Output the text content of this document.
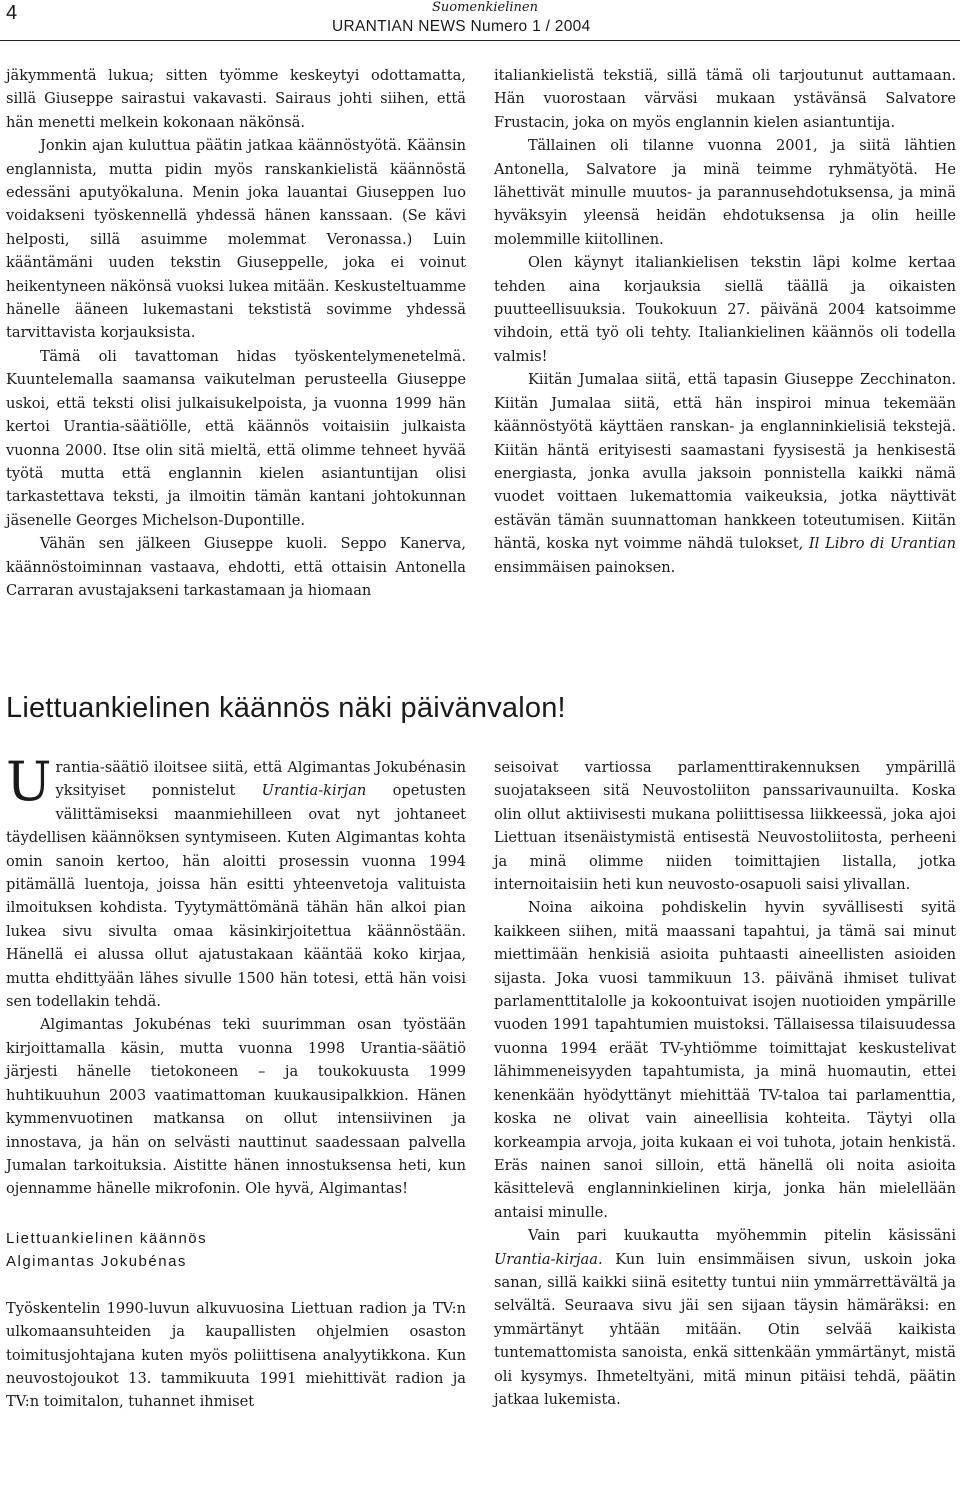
4	Suomenkielinen
URANTIAN NEWS Numero 1 / 2004

jäkymmentä lukua; sitten työmme keskeytyi odottamatta, sillä Giuseppe sairastui vakavasti. Sairaus johti siihen, että hän menetti melkein kokonaan näkönsä.

Jonkin ajan kuluttua päätin jatkaa käännöstyötä. Käänsin englannista, mutta pidin myös ranskankielistä käännöstä edessäni aputyökaluna. Menin joka lauantai Giuseppen luo voidakseni työskennellä yhdessä hänen kanssaan. (Se kävi helposti, sillä asuimme molemmat Veronassa.) Luin kääntämäni uuden tekstin Giuseppelle, joka ei voinut heikentyneen näkönsä vuoksi lukea mitään. Keskusteltuamme hänelle ääneen lukemastani tekstistä sovimme yhdessä tarvittavista korjauksista.

Tämä oli tavattoman hidas työskentelymenetelmä. Kuuntelemalla saamansa vaikutelman perusteella Giuseppe uskoi, että teksti olisi julkaisukelpoista, ja vuonna 1999 hän kertoi Urantia-säätiölle, että käännös voitaisiin julkaista vuonna 2000. Itse olin sitä mieltä, että olimme tehneet hyvää työtä mutta että englannin kielen asiantuntijan olisi tarkastettava teksti, ja ilmoitin tämän kantani johtokunnan jäsenelle Georges Michelson-Dupontille.

Vähän sen jälkeen Giuseppe kuoli. Seppo Kanerva, käännöstoiminnan vastaava, ehdotti, että ottaisin Antonella Carraran avustajakseni tarkastamaan ja hiomaan

italiankielistä tekstiä, sillä tämä oli tarjoutunut auttamaan. Hän vuorostaan värväsi mukaan ystävänsä Salvatore Frustacin, joka on myös englannin kielen asiantuntija.

Tällainen oli tilanne vuonna 2001, ja siitä lähtien Antonella, Salvatore ja minä teimme ryhmätyötä. He lähettivät minulle muutos- ja parannusehdotuksensa, ja minä hyväksyin yleensä heidän ehdotuksensa ja olin heille molemmille kiitollinen.

Olen käynyt italiankielisen tekstin läpi kolme kertaa tehden aina korjauksia siellä täällä ja oikaisten puutteellisuuksia. Toukokuun 27. päivänä 2004 katsoimme vihdoin, että työ oli tehty. Italiankielinen käännös oli todella valmis!

Kiitän Jumalaa siitä, että tapasin Giuseppe Zecchinaton. Kiitän Jumalaa siitä, että hän inspiroi minua tekemään käännöstyötä käyttäen ranskan- ja englanninkielisiä tekstejä. Kiitän häntä erityisesti saamastani fyysisestä ja henkisestä energiasta, jonka avulla jaksoin ponnistella kaikki nämä vuodet voittaen lukemattomia vaikeuksia, jotka näyttivät estävän tämän suunnattoman hankkeen toteutumisen. Kiitän häntä, koska nyt voimme nähdä tulokset, Il Libro di Urantian ensimmäisen painoksen.

Liettuankielinen käännös näki päivänvalon!

Urantia-säätiö iloitsee siitä, että Algimantas Jokubénasin yksityiset ponnistelut Urantia-kirjan opetusten välittämiseksi maanmiehilleen ovat nyt johtaneet täydellisen käännöksen syntymiseen. Kuten Algimantas kohta omin sanoin kertoo, hän aloitti prosessin vuonna 1994 pitämällä luentoja, joissa hän esitti yhteenvetoja valituista ilmoituksen kohdista. Tyytymättömänä tähän hän alkoi pian lukea sivu sivulta omaa käsinkirjoitettua käännöstään. Hänellä ei alussa ollut ajatustakaan kääntää koko kirjaa, mutta ehdittyään lähes sivulle 1500 hän totesi, että hän voisi sen todellakin tehdä.

Algimantas Jokubénas teki suurimman osan työstään kirjoittamalla käsin, mutta vuonna 1998 Urantia-säätiö järjesti hänelle tietokoneen – ja toukokuusta 1999 huhtikuuhun 2003 vaatimattoman kuukausipalkkion. Hänen kymmenvuotinen matkansa on ollut intensiivinen ja innostava, ja hän on selvästi nauttinut saadessaan palvella Jumalan tarkoituksia. Aistitte hänen innostuksensa heti, kun ojennamme hänelle mikrofonin. Ole hyvä, Algimantas!

Liettuankielinen käännös
Algimantas Jokubénas

Työskentelin 1990-luvun alkuvuosina Liettuan radion ja TV:n ulkomaansuhteiden ja kaupallisten ohjelmien osaston toimitusjohtajana kuten myös poliittisena analyytikkona. Kun neuvostojoukot 13. tammikuuta 1991 miehittivät radion ja TV:n toimitalon, tuhannet ihmiset

seisoivat vartiossa parlamenttirakennuksen ympärillä suojatakseen sitä Neuvostoliiton panssarivaunuilta. Koska olin ollut aktiivisesti mukana poliittisessa liikkeessä, joka ajoi Liettuan itsenäistymistä entisestä Neuvostoliitosta, perheeni ja minä olimme niiden toimittajien listalla, jotka internoitaisiin heti kun neuvosto-osapuoli saisi ylivallan.

Noina aikoina pohdiskelin hyvin syvällisesti syitä kaikkeen siihen, mitä maassani tapahtui, ja tämä sai minut miettimään henkisiä asioita puhtaasti aineellisten asioiden sijasta. Joka vuosi tammikuun 13. päivänä ihmiset tulivat parlamenttitalolle ja kokoontuivat isojen nuotioiden ympärille vuoden 1991 tapahtumien muistoksi. Tällaisessa tilaisuudessa vuonna 1994 eräät TV-yhtiömme toimittajat keskustelivat lähimmeneisyyden tapahtumista, ja minä huomautin, ettei kenenkään hyödyttänyt miehittää TV-taloa tai parlamenttia, koska ne olivat vain aineellisia kohteita. Täytyi olla korkeampia arvoja, joita kukaan ei voi tuhota, jotain henkistä. Eräs nainen sanoi silloin, että hänellä oli noita asioita käsittelevä englanninkielinen kirja, jonka hän mielellään antaisi minulle.

Vain pari kuukautta myöhemmin pitelin käsissäni Urantia-kirjaa. Kun luin ensimmäisen sivun, uskoin joka sanan, sillä kaikki siinä esitetty tuntui niin ymmärrettävältä ja selvältä. Seuraava sivu jäi sen sijaan täysin hämäräksi: en ymmärtänyt yhtään mitään. Otin selvää kaikista tuntemattomista sanoista, enkä sittenkään ymmärtänyt, mistä oli kysymys. Ihmeteltyäni, mitä minun pitäisi tehdä, päätin jatkaa lukemista.
